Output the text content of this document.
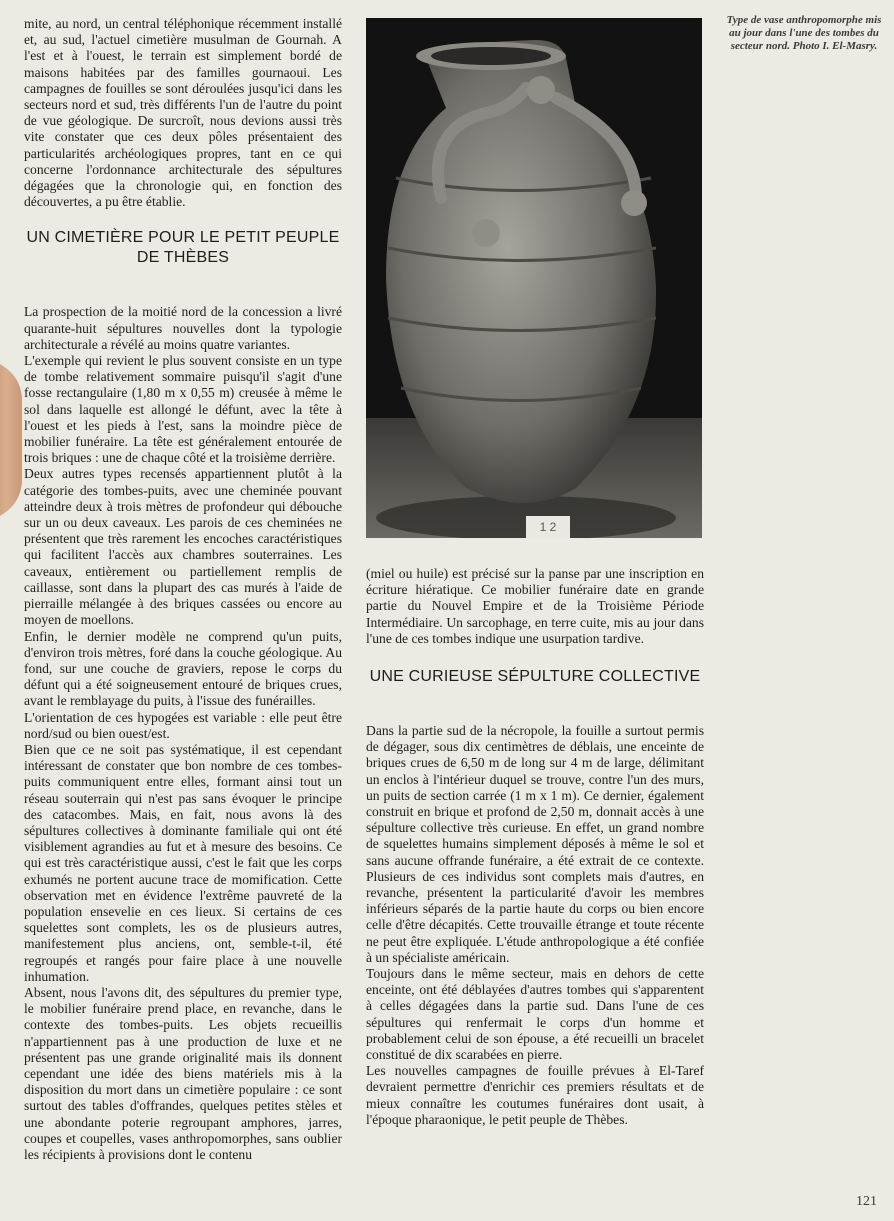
mite, au nord, un central téléphonique récemment installé et, au sud, l'actuel cimetière musulman de Gournah. A l'est et à l'ouest, le terrain est simplement bordé de maisons habitées par des familles gournaoui. Les campagnes de fouilles se sont déroulées jusqu'ici dans les secteurs nord et sud, très différents l'un de l'autre du point de vue géologique. De surcroît, nous devions aussi très vite constater que ces deux pôles présentaient des particularités archéologiques propres, tant en ce qui concerne l'ordonnance architecturale des sépultures dégagées que la chronologie qui, en fonction des découvertes, a pu être établie.

UN CIMETIÈRE POUR LE PETIT PEUPLE DE THÈBES

La prospection de la moitié nord de la concession a livré quarante-huit sépultures nouvelles dont la typologie architecturale a révélé au moins quatre variantes.

L'exemple qui revient le plus souvent consiste en un type de tombe relativement sommaire puisqu'il s'agit d'une fosse rectangulaire (1,80 m x 0,55 m) creusée à même le sol dans laquelle est allongé le défunt, avec la tête à l'ouest et les pieds à l'est, sans la moindre pièce de mobilier funéraire. La tête est généralement entourée de trois briques : une de chaque côté et la troisième derrière.

Deux autres types recensés appartiennent plutôt à la catégorie des tombes-puits, avec une cheminée pouvant atteindre deux à trois mètres de profondeur qui débouche sur un ou deux caveaux. Les parois de ces cheminées ne présentent que très rarement les encoches caractéristiques qui facilitent l'accès aux chambres souterraines. Les caveaux, entièrement ou partiellement remplis de caillasse, sont dans la plupart des cas murés à l'aide de pierraille mélangée à des briques cassées ou encore au moyen de moellons.

Enfin, le dernier modèle ne comprend qu'un puits, d'environ trois mètres, foré dans la couche géologique. Au fond, sur une couche de graviers, repose le corps du défunt qui a été soigneusement entouré de briques crues, avant le remblayage du puits, à l'issue des funérailles.

L'orientation de ces hypogées est variable : elle peut être nord/sud ou bien ouest/est.

Bien que ce ne soit pas systématique, il est cependant intéressant de constater que bon nombre de ces tombes-puits communiquent entre elles, formant ainsi tout un réseau souterrain qui n'est pas sans évoquer le principe des catacombes. Mais, en fait, nous avons là des sépultures collectives à dominante familiale qui ont été visiblement agrandies au fut et à mesure des besoins. Ce qui est très caractéristique aussi, c'est le fait que les corps exhumés ne portent aucune trace de momification. Cette observation met en évidence l'extrême pauvreté de la population ensevelie en ces lieux. Si certains de ces squelettes sont complets, les os de plusieurs autres, manifestement plus anciens, ont, semble-t-il, été regroupés et rangés pour faire place à une nouvelle inhumation.

Absent, nous l'avons dit, des sépultures du premier type, le mobilier funéraire prend place, en revanche, dans le contexte des tombes-puits. Les objets recueillis n'appartiennent pas à une production de luxe et ne présentent pas une grande originalité mais ils donnent cependant une idée des biens matériels mis à la disposition du mort dans un cimetière populaire : ce sont surtout des tables d'offrandes, quelques petites stèles et une abondante poterie regroupant amphores, jarres, coupes et coupelles, vases anthropomorphes, sans oublier les récipients à provisions dont le contenu

1 2
Type de vase anthropomorphe mis au jour dans l'une des tombes du secteur nord. Photo I. El-Masry.

(miel ou huile) est précisé sur la panse par une inscription en écriture hiératique. Ce mobilier funéraire date en grande partie du Nouvel Empire et de la Troisième Période Intermédiaire. Un sarcophage, en terre cuite, mis au jour dans l'une de ces tombes indique une usurpation tardive.

UNE CURIEUSE SÉPULTURE COLLECTIVE

Dans la partie sud de la nécropole, la fouille a surtout permis de dégager, sous dix centimètres de déblais, une enceinte de briques crues de 6,50 m de long sur 4 m de large, délimitant un enclos à l'intérieur duquel se trouve, contre l'un des murs, un puits de section carrée (1 m x 1 m). Ce dernier, également construit en brique et profond de 2,50 m, donnait accès à une sépulture collective très curieuse. En effet, un grand nombre de squelettes humains simplement déposés à même le sol et sans aucune offrande funéraire, a été extrait de ce contexte. Plusieurs de ces individus sont complets mais d'autres, en revanche, présentent la particularité d'avoir les membres inférieurs séparés de la partie haute du corps ou bien encore celle d'être décapités. Cette trouvaille étrange et toute récente ne peut être expliquée. L'étude anthropologique a été confiée à un spécialiste américain.

Toujours dans le même secteur, mais en dehors de cette enceinte, ont été déblayées d'autres tombes qui s'apparentent à celles dégagées dans la partie sud. Dans l'une de ces sépultures qui renfermait le corps d'un homme et probablement celui de son épouse, a été recueilli un bracelet constitué de dix scarabées en pierre.

Les nouvelles campagnes de fouille prévues à El-Taref devraient permettre d'enrichir ces premiers résultats et de mieux connaître les coutumes funéraires dont usait, à l'époque pharaonique, le petit peuple de Thèbes.

121
